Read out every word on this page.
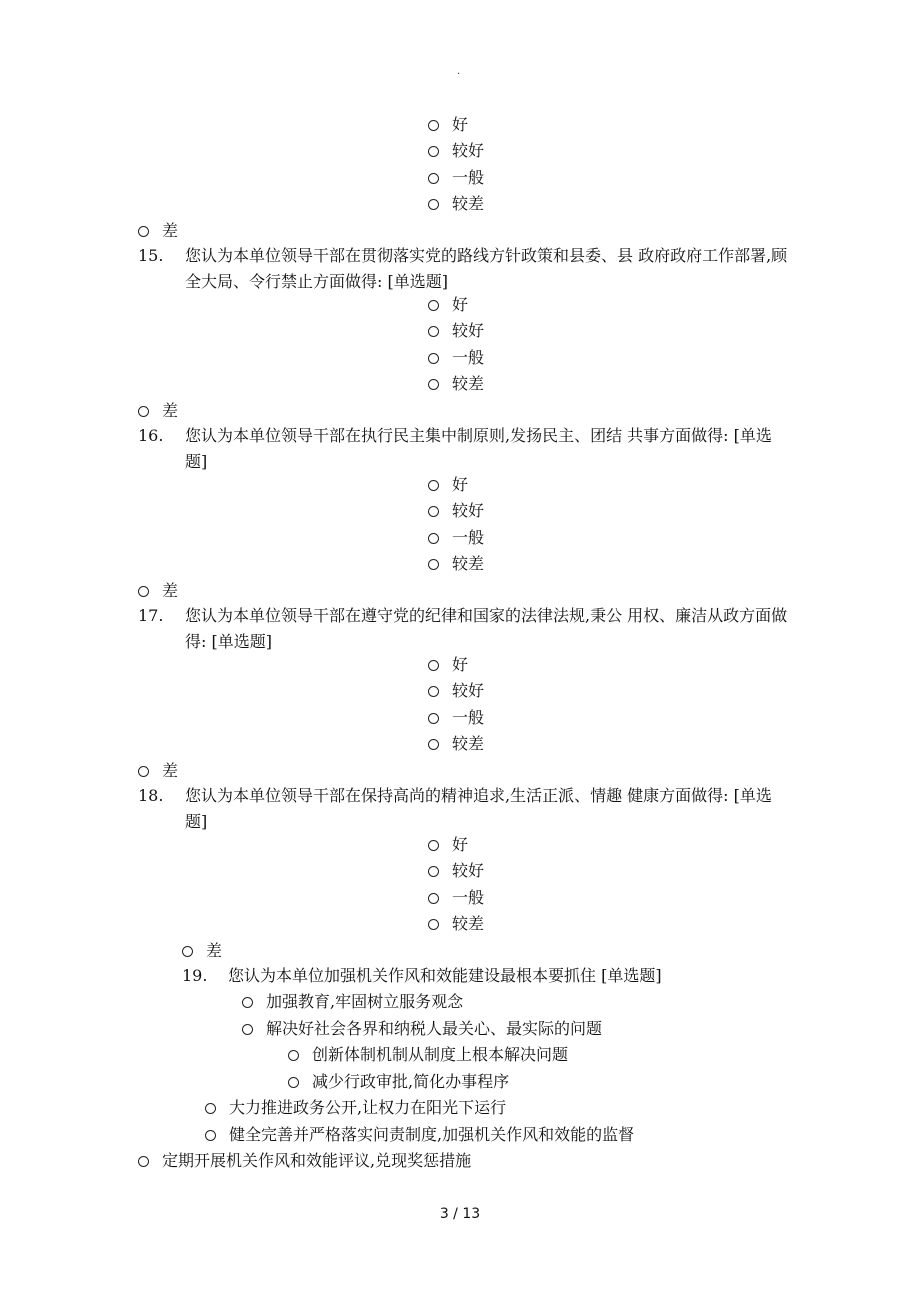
.
好
较好
一般
较差
差
15. 您认为本单位领导干部在贯彻落实党的路线方针政策和县委、县 政府政府工作部署,顾全大局、令行禁止方面做得: [单选题]
好
较好
一般
较差
差
16. 您认为本单位领导干部在执行民主集中制原则,发扬民主、团结 共事方面做得: [单选题]
好
较好
一般
较差
差
17. 您认为本单位领导干部在遵守党的纪律和国家的法律法规,秉公 用权、廉洁从政方面做得: [单选题]
好
较好
一般
较差
差
18. 您认为本单位领导干部在保持高尚的精神追求,生活正派、情趣 健康方面做得: [单选题]
好
较好
一般
较差
差
19. 您认为本单位加强机关作风和效能建设最根本要抓住 [单选题]
加强教育,牢固树立服务观念
解决好社会各界和纳税人最关心、最实际的问题
创新体制机制从制度上根本解决问题
减少行政审批,简化办事程序
大力推进政务公开,让权力在阳光下运行
健全完善并严格落实问责制度,加强机关作风和效能的监督
定期开展机关作风和效能评议,兑现奖惩措施
3 / 13
